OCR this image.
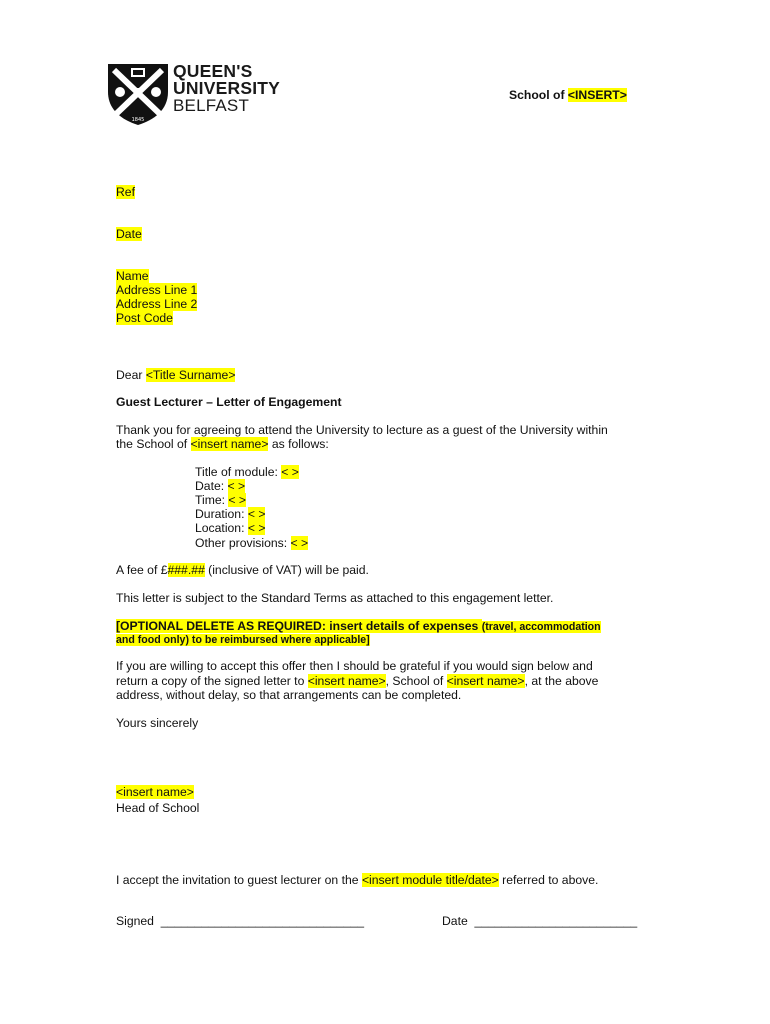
1845
QUEEN'S
UNIVERSITY
BELFAST
School of <INSERT>
Ref
Date
Name
Address Line 1
Address Line 2
Post Code
Dear <Title Surname>
Guest Lecturer – Letter of Engagement
Thank you for agreeing to attend the University to lecture as a guest of the University within
the School of <insert name> as follows:
Title of module: < >
Date: < >
Time: < >
Duration: < >
Location: < >
Other provisions: < >
A fee of £###.## (inclusive of VAT) will be paid.
This letter is subject to the Standard Terms as attached to this engagement letter.
[OPTIONAL DELETE AS REQUIRED: insert details of expenses (travel, accommodation
and food only) to be reimbursed where applicable]
If you are willing to accept this offer then I should be grateful if you would sign below and
return a copy of the signed letter to <insert name>, School of <insert name>, at the above
address, without delay, so that arrangements can be completed.
Yours sincerely
<insert name>
Head of School
I accept the invitation to guest lecturer on the <insert module title/date> referred to above.
Signed ______________________________	Date ________________________
